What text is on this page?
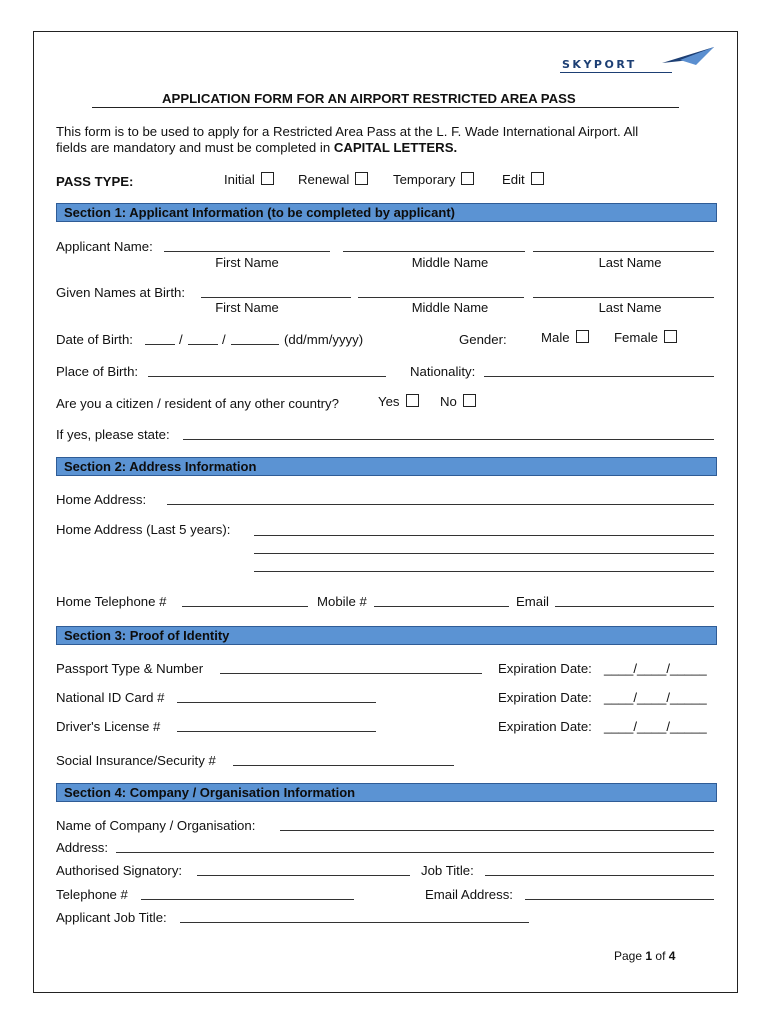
SKYPORT
APPLICATION FORM FOR AN AIRPORT RESTRICTED AREA PASS
This form is to be used to apply for a Restricted Area Pass at the L. F. Wade International Airport. All
fields are mandatory and must be completed in CAPITAL LETTERS.
PASS TYPE:	Initial	Renewal	Temporary	Edit
Section 1: Applicant Information (to be completed by applicant)
Applicant Name:
First Name	Middle Name	Last Name
Given Names at Birth:
First Name	Middle Name	Last Name
Date of Birth:	/	/	(dd/mm/yyyy)	Gender:	Male	Female
Place of Birth:	Nationality:
Are you a citizen / resident of any other country?	Yes	No
If yes, please state:
Section 2: Address Information
Home Address:
Home Address (Last 5 years):
Home Telephone #	Mobile #	Email
Section 3: Proof of Identity
Passport Type & Number	Expiration Date: ____/____/_____
National ID Card #	Expiration Date: ____/____/_____
Driver's License #	Expiration Date: ____/____/_____
Social Insurance/Security #
Section 4: Company / Organisation Information
Name of Company / Organisation:
Address:
Authorised Signatory:	Job Title:
Telephone #	Email Address:
Applicant Job Title:
Page 1 of 4
